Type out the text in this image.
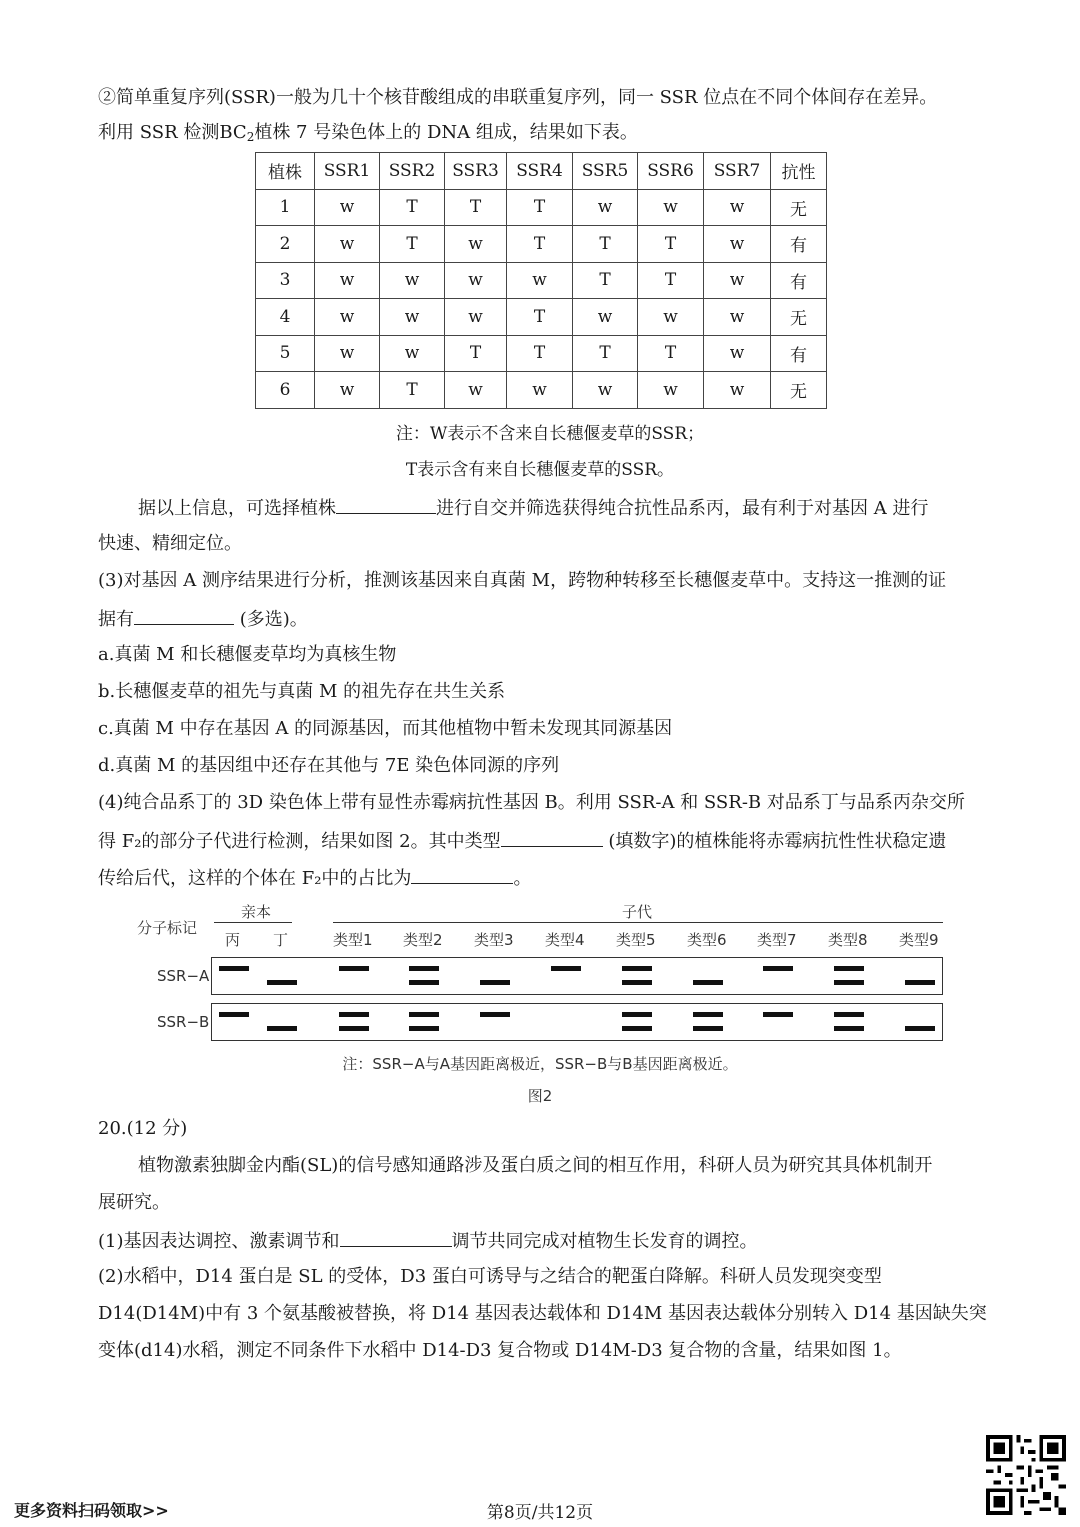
②简单重复序列(SSR)一般为几十个核苷酸组成的串联重复序列，同一 SSR 位点在不同个体间存在差异。
利用 SSR 检测$BC_2$植株 7 号染色体上的 DNA 组成，结果如下表。
植株	SSR1	SSR2	SSR3	SSR4	SSR5	SSR6	SSR7	抗性
1	w	T	T	T	w	w	w	无
2	w	T	w	T	T	T	w	有
3	w	w	w	w	T	T	w	有
4	w	w	w	T	w	w	w	无
5	w	w	T	T	T	T	w	有
6	w	T	w	w	w	w	w	无
注：W表示不含来自长穗偃麦草的SSR；
T表示含有来自长穗偃麦草的SSR。
据以上信息，可选择植株	进行自交并筛选获得纯合抗性品系丙，最有利于对基因 A 进行
快速、精细定位。
(3)对基因 A 测序结果进行分析，推测该基因来自真菌 M，跨物种转移至长穗偃麦草中。支持这一推测的证
据有	(多选)。
a.真菌 M 和长穗偃麦草均为真核生物
b.长穗偃麦草的祖先与真菌 M 的祖先存在共生关系
c.真菌 M 中存在基因 A 的同源基因，而其他植物中暂未发现其同源基因
d.真菌 M 的基因组中还存在其他与 7E 染色体同源的序列
(4)纯合品系丁的 3D 染色体上带有显性赤霉病抗性基因 B。利用 SSR-A 和 SSR-B 对品系丁与品系丙杂交所
得 F₂的部分子代进行检测，结果如图 2。其中类型	(填数字)的植株能将赤霉病抗性性状稳定遗
传给后代，这样的个体在 F₂中的占比为	。
分子标记
亲本	子代
丙 丁	类型1 类型2 类型3 类型4 类型5 类型6 类型7 类型8 类型9
SSR−A
SSR−B
注：SSR−A与A基因距离极近，SSR−B与B基因距离极近。
图2
20.(12 分)
植物激素独脚金内酯(SL)的信号感知通路涉及蛋白质之间的相互作用，科研人员为研究其具体机制开
展研究。
(1)基因表达调控、激素调节和	调节共同完成对植物生长发育的调控。
(2)水稻中，D14 蛋白是 SL 的受体，D3 蛋白可诱导与之结合的靶蛋白降解。科研人员发现突变型
D14(D14M)中有 3 个氨基酸被替换，将 D14 基因表达载体和 D14M 基因表达载体分别转入 D14 基因缺失突
变体(d14)水稻，测定不同条件下水稻中 D14-D3 复合物或 D14M-D3 复合物的含量，结果如图 1。
更多资料扫码领取>>	第8页/共12页
